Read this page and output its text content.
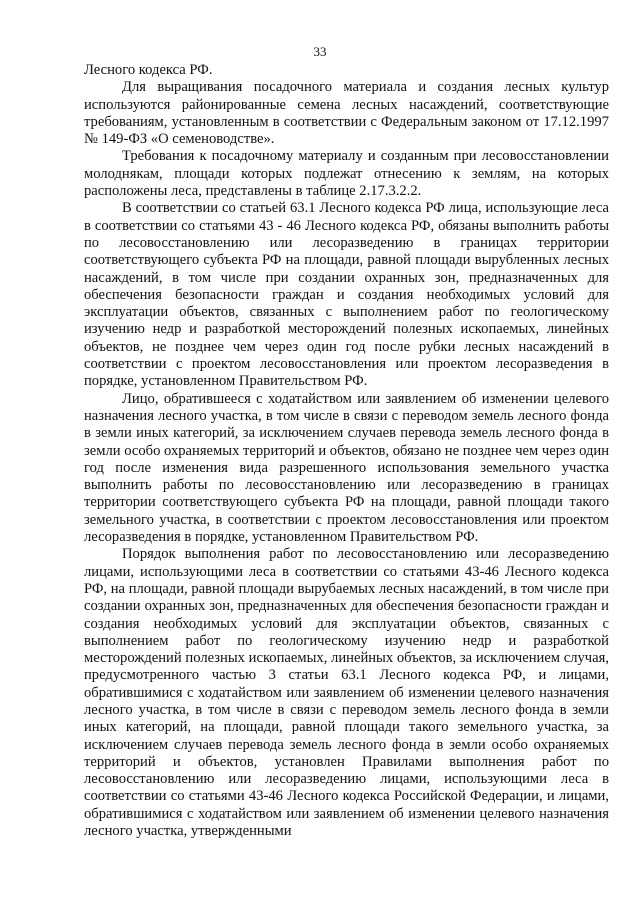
33

Лесного кодекса РФ.

Для выращивания посадочного материала и создания лесных культур используются районированные семена лесных насаждений, соответствующие требованиям, установленным в соответствии с Федеральным законом от 17.12.1997 № 149-ФЗ «О семеноводстве».

Требования к посадочному материалу и созданным при лесовосстановлении молоднякам, площади которых подлежат отнесению к землям, на которых расположены леса, представлены в таблице 2.17.3.2.2.

В соответствии со статьей 63.1 Лесного кодекса РФ лица, использующие леса в соответствии со статьями 43 - 46 Лесного кодекса РФ, обязаны выполнить работы по лесовосстановлению или лесоразведению в границах территории соответствующего субъекта РФ на площади, равной площади вырубленных лесных насаждений, в том числе при создании охранных зон, предназначенных для обеспечения безопасности граждан и создания необходимых условий для эксплуатации объектов, связанных с выполнением работ по геологическому изучению недр и разработкой месторождений полезных ископаемых, линейных объектов, не позднее чем через один год после рубки лесных насаждений в соответствии с проектом лесовосстановления или проектом лесоразведения в порядке, установленном Правительством РФ.

Лицо, обратившееся с ходатайством или заявлением об изменении целевого назначения лесного участка, в том числе в связи с переводом земель лесного фонда в земли иных категорий, за исключением случаев перевода земель лесного фонда в земли особо охраняемых территорий и объектов, обязано не позднее чем через один год после изменения вида разрешенного использования земельного участка выполнить работы по лесовосстановлению или лесоразведению в границах территории соответствующего субъекта РФ на площади, равной площади такого земельного участка, в соответствии с проектом лесовосстановления или проектом лесоразведения в порядке, установленном Правительством РФ.

Порядок выполнения работ по лесовосстановлению или лесоразведению лицами, использующими леса в соответствии со статьями 43-46 Лесного кодекса РФ, на площади, равной площади вырубаемых лесных насаждений, в том числе при создании охранных зон, предназначенных для обеспечения безопасности граждан и создания необходимых условий для эксплуатации объектов, связанных с выполнением работ по геологическому изучению недр и разработкой месторождений полезных ископаемых, линейных объектов, за исключением случая, предусмотренного частью 3 статьи 63.1 Лесного кодекса РФ, и лицами, обратившимися с ходатайством или заявлением об изменении целевого назначения лесного участка, в том числе в связи с переводом земель лесного фонда в земли иных категорий, на площади, равной площади такого земельного участка, за исключением случаев перевода земель лесного фонда в земли особо охраняемых территорий и объектов, установлен Правилами выполнения работ по лесовосстановлению или лесоразведению лицами, использующими леса в соответствии со статьями 43-46 Лесного кодекса Российской Федерации, и лицами, обратившимися с ходатайством или заявлением об изменении целевого назначения лесного участка, утвержденными
